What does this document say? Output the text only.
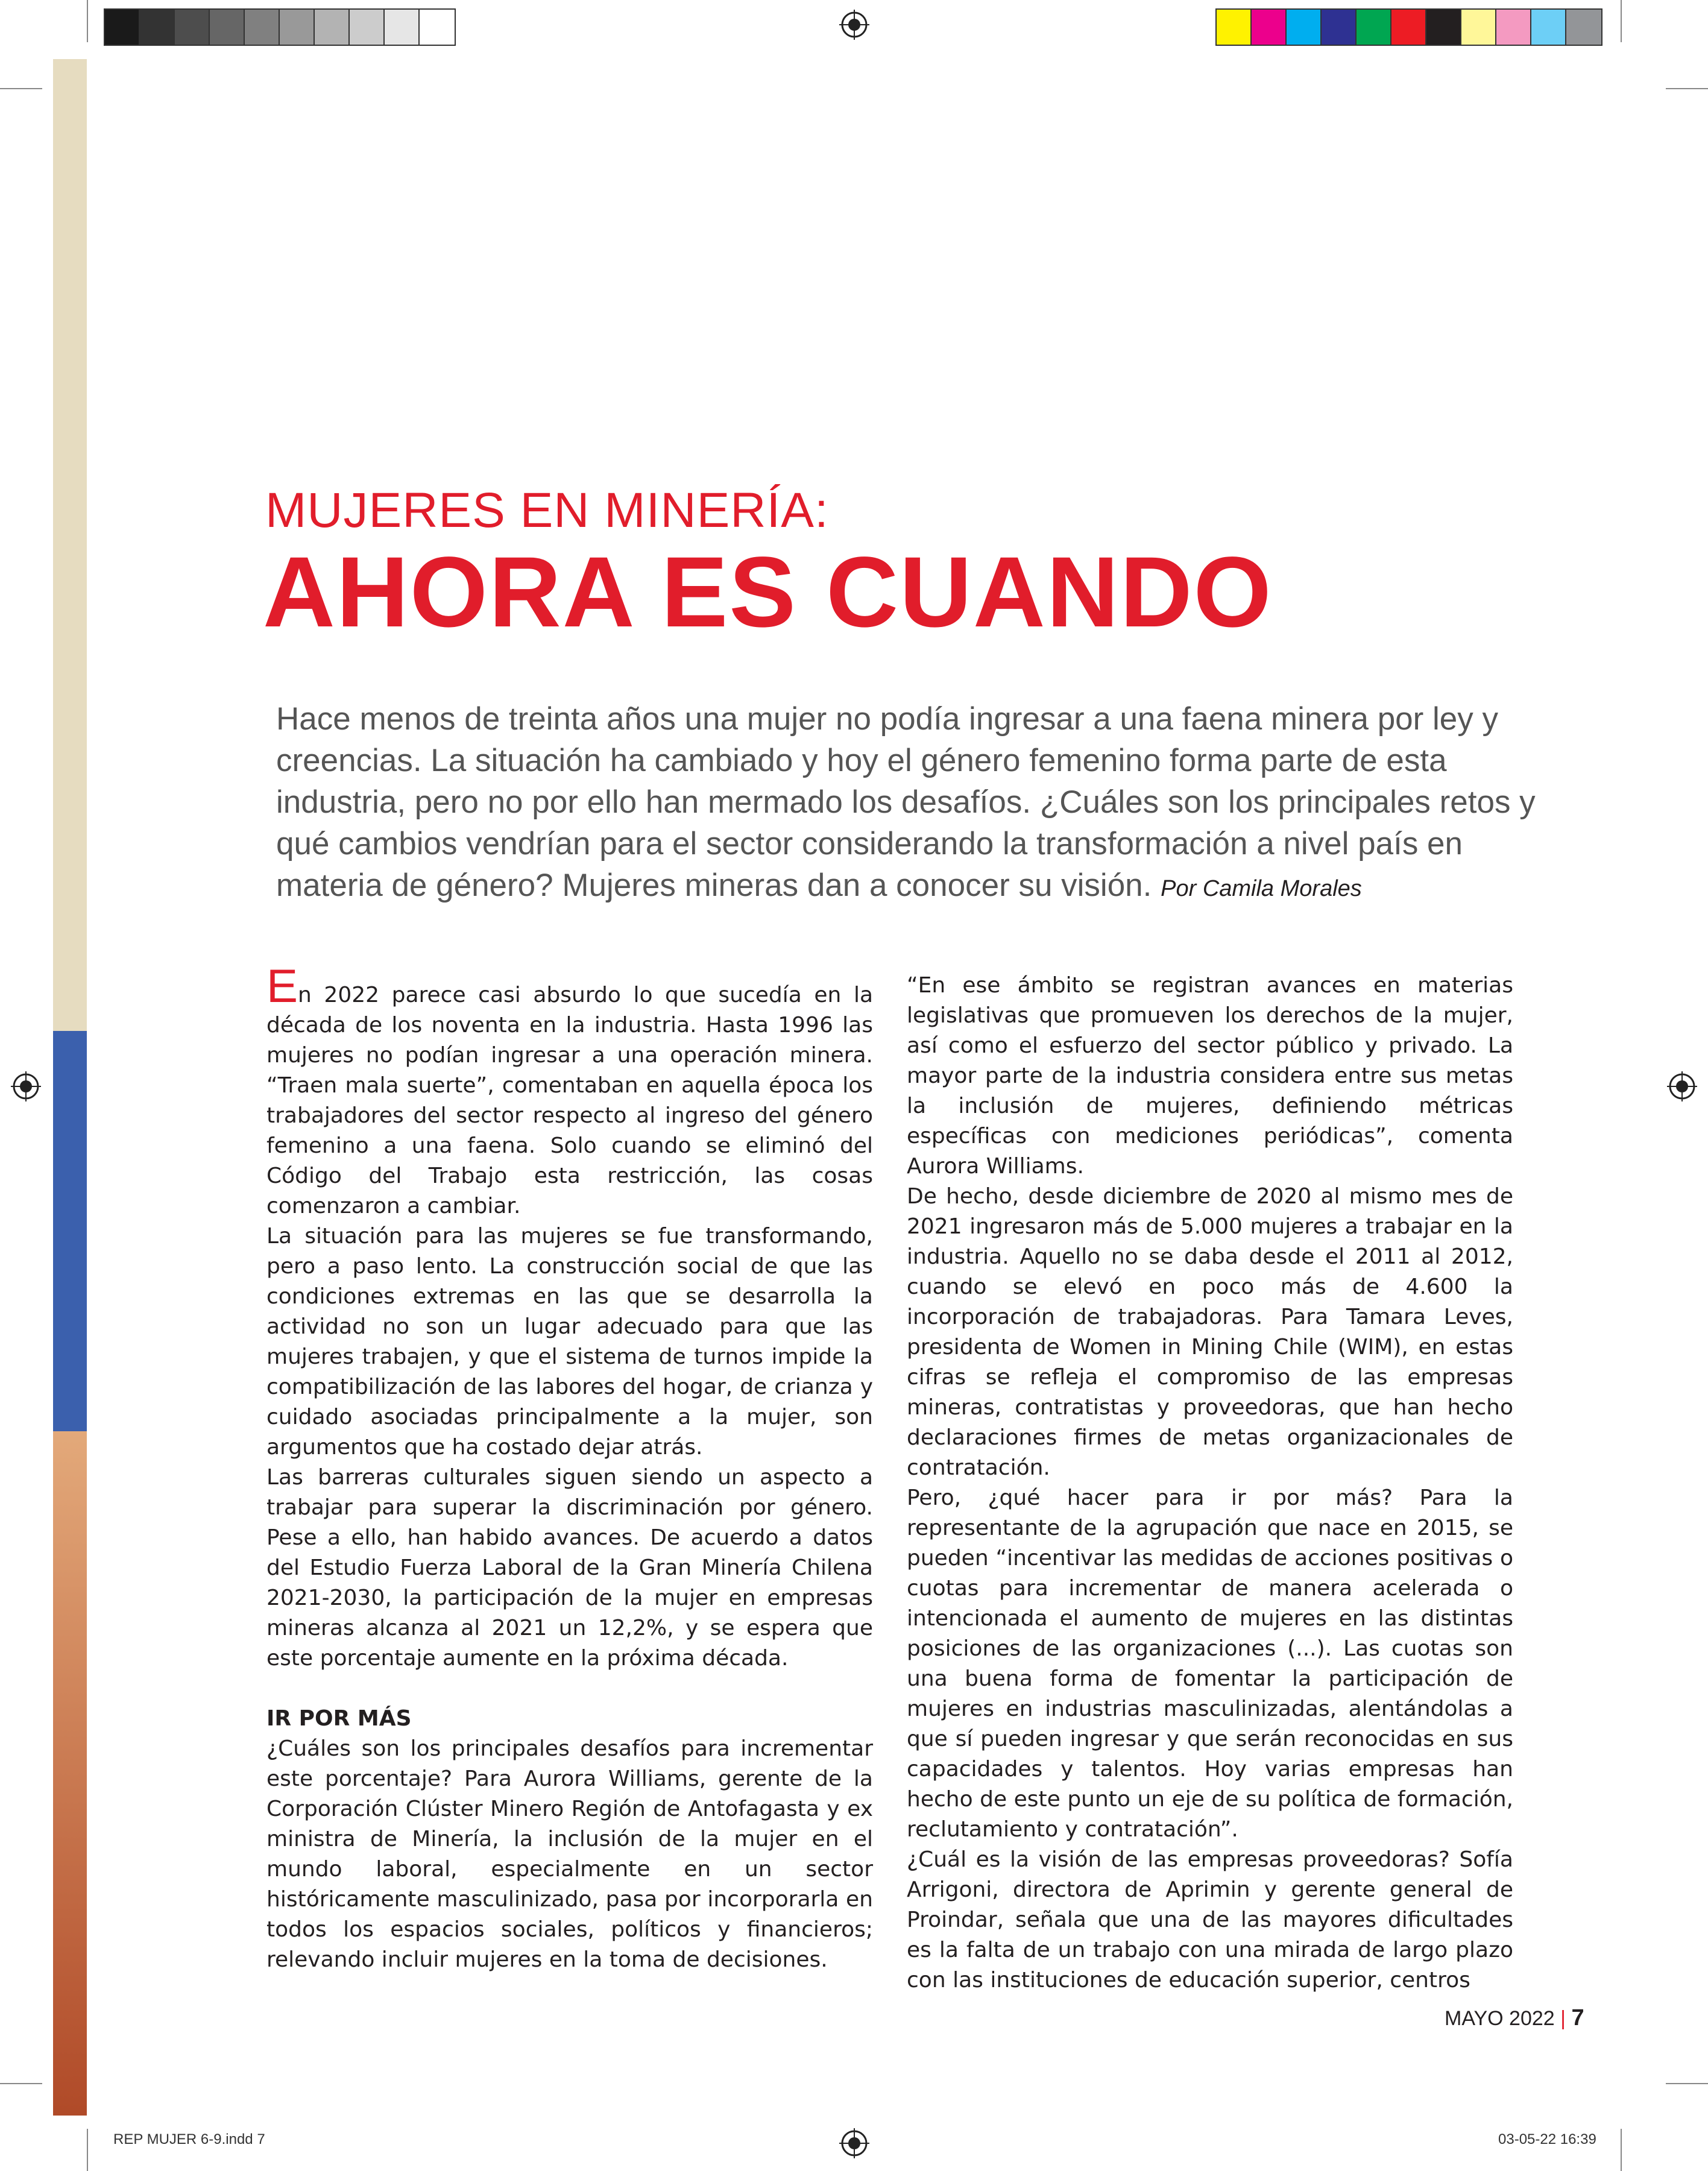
MUJERES EN MINERÍA:
AHORA ES CUANDO
Hace menos de treinta años una mujer no podía ingresar a una faena minera por ley y creencias. La situación ha cambiado y hoy el género femenino forma parte de esta industria, pero no por ello han mermado los desafíos. ¿Cuáles son los principales retos y qué cambios vendrían para el sector considerando la transformación a nivel país en materia de género? Mujeres mineras dan a conocer su visión. Por Camila Morales

En 2022 parece casi absurdo lo que sucedía en la década de los noventa en la industria. Hasta 1996 las mujeres no podían ingresar a una operación minera. “Traen mala suerte”, comentaban en aquella época los trabajadores del sector respecto al ingreso del género femenino a una faena. Solo cuando se eliminó del Código del Trabajo esta restricción, las cosas comenzaron a cambiar.

La situación para las mujeres se fue transformando, pero a paso lento. La construcción social de que las condiciones extremas en las que se desarrolla la actividad no son un lugar adecuado para que las mujeres trabajen, y que el sistema de turnos impide la compatibilización de las labores del hogar, de crianza y cuidado asociadas principalmente a la mujer, son argumentos que ha costado dejar atrás.

Las barreras culturales siguen siendo un aspecto a trabajar para superar la discriminación por género. Pese a ello, han habido avances. De acuerdo a datos del Estudio Fuerza Laboral de la Gran Minería Chilena 2021-2030, la participación de la mujer en empresas mineras alcanza al 2021 un 12,2%, y se espera que este porcentaje aumente en la próxima década.

IR POR MÁS

¿Cuáles son los principales desafíos para incrementar este porcentaje? Para Aurora Williams, gerente de la Corporación Clúster Minero Región de Antofagasta y ex ministra de Minería, la inclusión de la mujer en el mundo laboral, especialmente en un sector históricamente masculinizado, pasa por incorporarla en todos los espacios sociales, políticos y financieros; relevando incluir mujeres en la toma de decisiones.

“En ese ámbito se registran avances en materias legislativas que promueven los derechos de la mujer, así como el esfuerzo del sector público y privado. La mayor parte de la industria considera entre sus metas la inclusión de mujeres, definiendo métricas específicas con mediciones periódicas”, comenta Aurora Williams.

De hecho, desde diciembre de 2020 al mismo mes de 2021 ingresaron más de 5.000 mujeres a trabajar en la industria. Aquello no se daba desde el 2011 al 2012, cuando se elevó en poco más de 4.600 la incorporación de trabajadoras. Para Tamara Leves, presidenta de Women in Mining Chile (WIM), en estas cifras se refleja el compromiso de las empresas mineras, contratistas y proveedoras, que han hecho declaraciones firmes de metas organizacionales de contratación.

Pero, ¿qué hacer para ir por más? Para la representante de la agrupación que nace en 2015, se pueden “incentivar las medidas de acciones positivas o cuotas para incrementar de manera acelerada o intencionada el aumento de mujeres en las distintas posiciones de las organizaciones (...). Las cuotas son una buena forma de fomentar la participación de mujeres en industrias masculinizadas, alentándolas a que sí pueden ingresar y que serán reconocidas en sus capacidades y talentos. Hoy varias empresas han hecho de este punto un eje de su política de formación, reclutamiento y contratación”.

¿Cuál es la visión de las empresas proveedoras? Sofía Arrigoni, directora de Aprimin y gerente general de Proindar, señala que una de las mayores dificultades es la falta de un trabajo con una mirada de largo plazo con las instituciones de educación superior, centros

MAYO 2022 | 7
REP MUJER 6-9.indd 7	03-05-22 16:39
